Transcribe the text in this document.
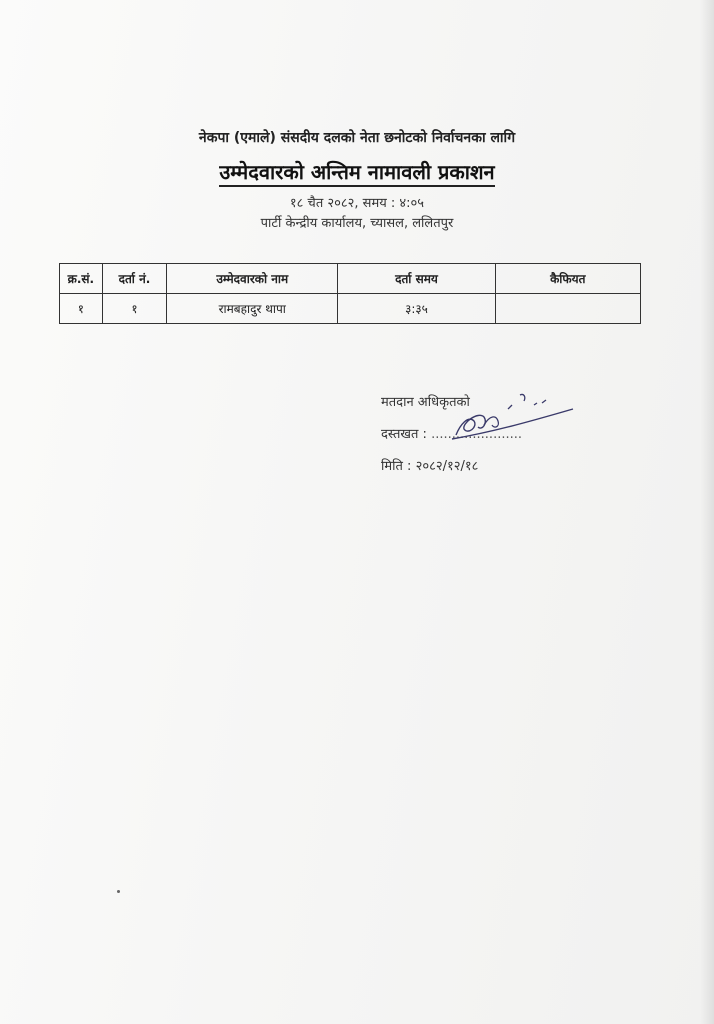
नेकपा (एमाले) संसदीय दलको नेता छनोटको निर्वाचनका लागि
उम्मेदवारको अन्तिम नामावली प्रकाशन
१८ चैत २०८२, समय : ४:०५
पार्टी केन्द्रीय कार्यालय, च्यासल, ललितपुर
क्र.सं.	दर्ता नं.	उम्मेदवारको नाम	दर्ता समय	कैफियत
१	१	रामबहादुर थापा	३:३५	
मतदान अधिकृतको
दस्तखत : ......................
मिति : २०८२/१२/१८
